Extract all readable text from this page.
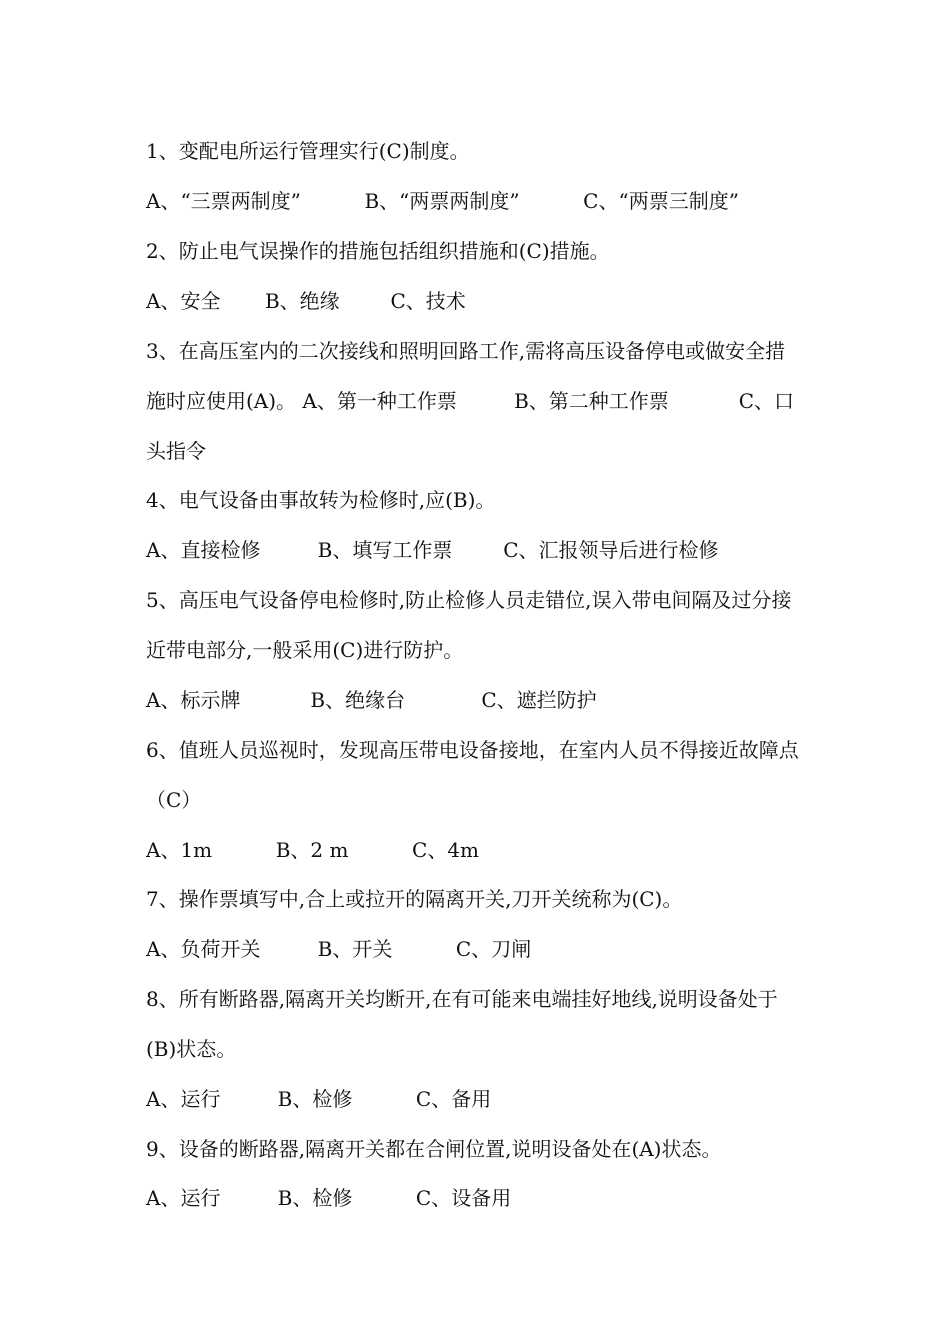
1、变配电所运行管理实行(C)制度。
A、“三票两制度”          B、“两票两制度”          C、“两票三制度”
2、防止电气误操作的措施包括组织措施和(C)措施。
A、安全       B、绝缘        C、技术
3、在高压室内的二次接线和照明回路工作,需将高压设备停电或做安全措
施时应使用(A)。 A、第一种工作票         B、第二种工作票           C、口
头指令
4、电气设备由事故转为检修时,应(B)。
A、直接检修         B、填写工作票        C、汇报领导后进行检修
5、高压电气设备停电检修时,防止检修人员走错位,误入带电间隔及过分接
近带电部分,一般采用(C)进行防护。
A、标示牌           B、绝缘台            C、遮拦防护
6、值班人员巡视时，发现高压带电设备接地，在室内人员不得接近故障点
（C）
A、1m          B、2 m          C、4m
7、操作票填写中,合上或拉开的隔离开关,刀开关统称为(C)。
A、负荷开关         B、开关          C、刀闸
8、所有断路器,隔离开关均断开,在有可能来电端挂好地线,说明设备处于
(B)状态。
A、运行         B、检修          C、备用
9、设备的断路器,隔离开关都在合闸位置,说明设备处在(A)状态。
A、运行         B、检修          C、设备用
